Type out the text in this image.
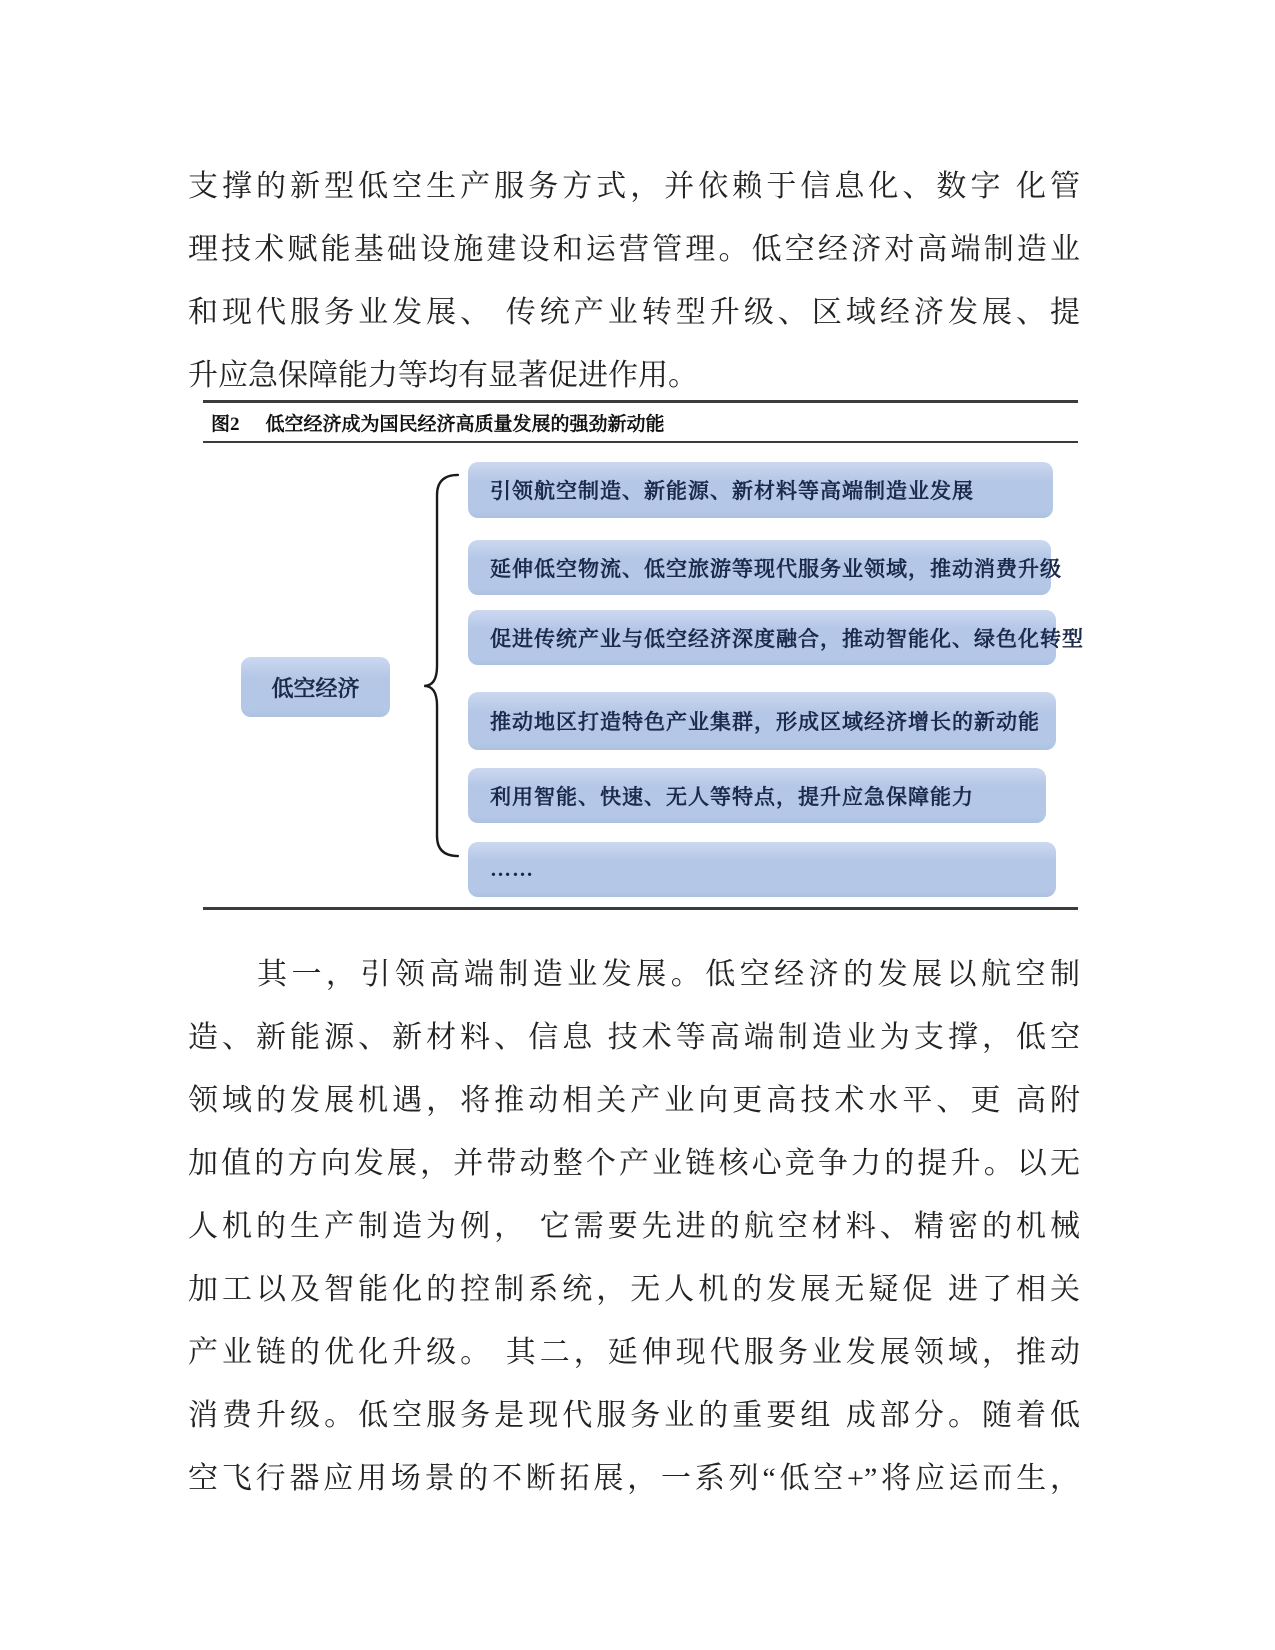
支撑的新型低空生产服务方式，并依赖于信息化、数字 化管
理技术赋能基础设施建设和运营管理。低空经济对高端制造业
和现代服务业发展、 传统产业转型升级、区域经济发展、提
升应急保障能力等均有显著促进作用。
图2 低空经济成为国民经济高质量发展的强劲新动能
低空经济
引领航空制造、新能源、新材料等高端制造业发展
延伸低空物流、低空旅游等现代服务业领域，推动消费升级
促进传统产业与低空经济深度融合，推动智能化、绿色化转型
推动地区打造特色产业集群，形成区域经济增长的新动能
利用智能、快速、无人等特点，提升应急保障能力
……
　　其一，引领高端制造业发展。低空经济的发展以航空制
造、新能源、新材料、信息 技术等高端制造业为支撑，低空
领域的发展机遇，将推动相关产业向更高技术水平、更 高附
加值的方向发展，并带动整个产业链核心竞争力的提升。以无
人机的生产制造为例， 它需要先进的航空材料、精密的机械
加工以及智能化的控制系统，无人机的发展无疑促 进了相关
产业链的优化升级。 其二，延伸现代服务业发展领域，推动
消费升级。低空服务是现代服务业的重要组 成部分。随着低
空飞行器应用场景的不断拓展，一系列“低空+”将应运而生，
